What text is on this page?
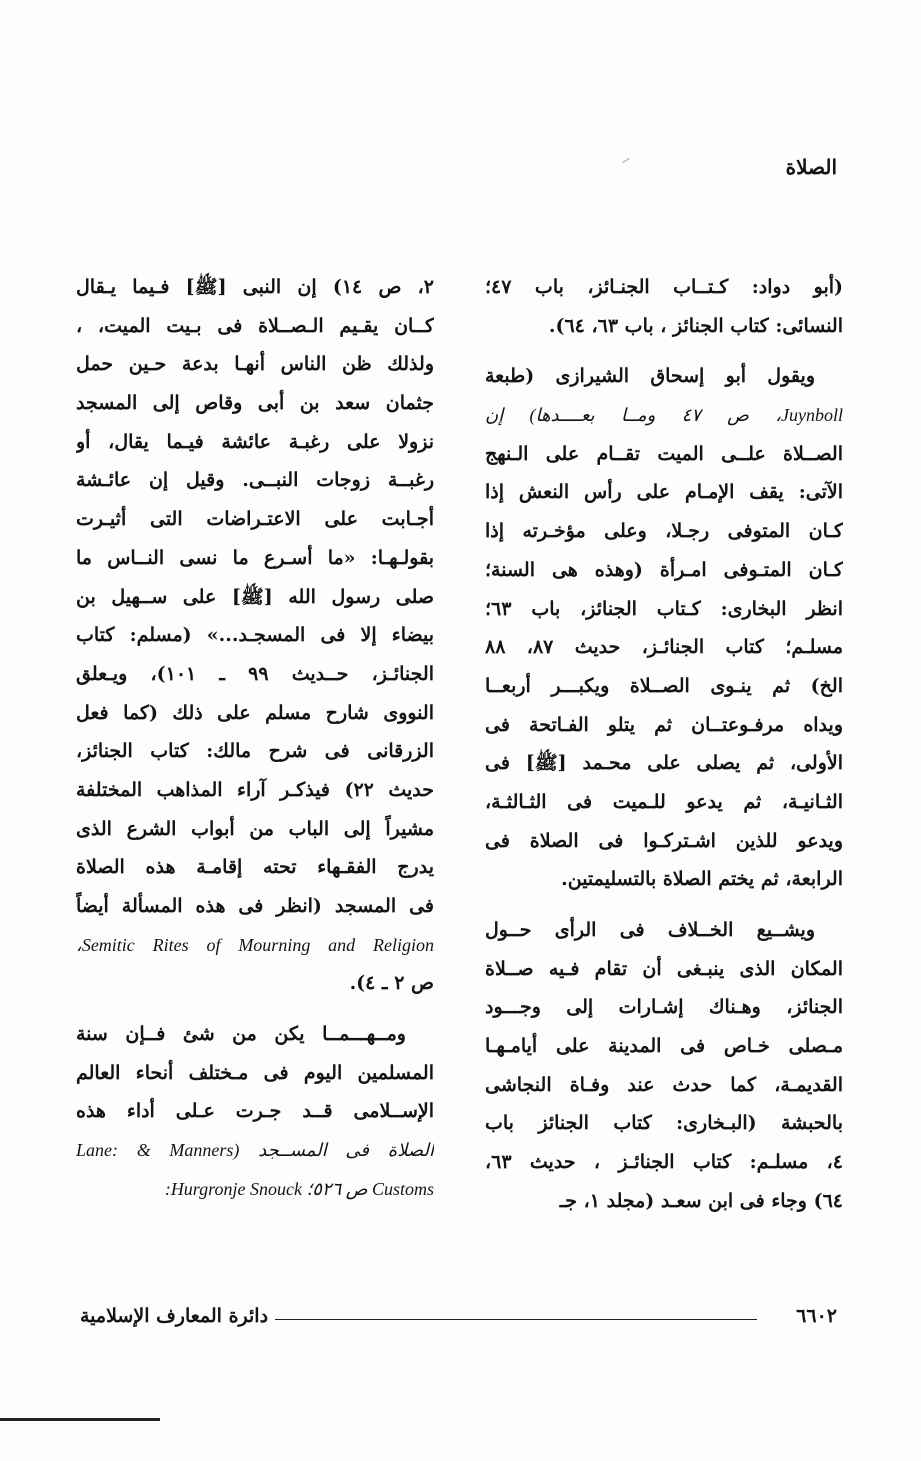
الصلاة
(أبو دواد: كـتــاب الجنـائز، باب ٤٧؛
النسائى: كتاب الجنائز ، باب ٦٣، ٦٤).
ويقول أبو إسحاق الشيرازى (طبعة
Juynboll، ص ٤٧ ومــا بعــــدها) إن
الصــلاة علــى الميت تقــام على الـنهج
الآتى: يقف الإمـام على رأس النعش إذا
كـان المتوفى رجـلا، وعلى مؤخـرته إذا
كـان المتـوفى امـرأة (وهذه هى السنة؛
انظر البخارى: كـتاب الجنائز، باب ٦٣؛
مسلـم؛ كتاب الجنائـز، حديث ٨٧، ٨٨
الخ) ثم ينـوى الصــلاة ويكبـــر أربعــا
ويداه مرفـوعتــان ثم يتلو الفـاتحة فى
الأولى، ثم يصلى على محـمد [ﷺ] فى
الثـانيـة، ثم يدعو للـميت فى الثـالثـة،
ويدعو للذين اشـتركـوا فى الصلاة فى
الرابعة، ثم يختم الصلاة بالتسليمتين.
ويشــيع الخــلاف فى الرأى حــول
المكان الذى ينبـغى أن تقام فـيه صــلاة
الجنائز، وهـناك إشـارات إلى وجـــود
مـصلى خـاص فى المدينة على أيامـهـا
القديمـة، كما حدث عند وفـاة النجاشى
بالحبشة (البـخارى: كتاب الجنائز باب
٤، مسلـم: كتاب الجنائـز ، حديث ٦٣،
٦٤) وجاء فى ابن سعـد (مجلد ١، جـ
٢، ص ١٤) إن النبى [ﷺ] فـيما يـقال
كــان يقـيم الـصــلاة فى بـيت الميت، ،
ولذلك ظن الناس أنهـا بدعة حـين حمل
جثمان سعد بن أبى وقاص إلى المسجد
نزولا على رغبـة عائشة فيـما يقال، أو
رغبــة زوجات النبــى. وقيل إن عائـشة
أجـابت على الاعتـراضات التى أثيـرت
بقولـهـا: «ما أسـرع ما نسى النــاس ما
صلى رسول الله [ﷺ] على ســهيل بن
بيضاء إلا فى المسجـد...» (مسلم: كتاب
الجنائـز، حــديث ٩٩ ـ ١٠١)، ويـعلق
النووى شارح مسلم على ذلك (كما فعل
الزرقانى فى شرح مالك: كتاب الجنائز،
حديث ٢٢) فيذكـر آراء المذاهب المختلفة
مشيراً إلى الباب من أبواب الشرع الذى
يدرج الفقـهاء تحته إقامـة هذه الصلاة
فى المسجد (انظر فى هذه المسألة أيضاً
Semitic Rites of Mourning and Religion،
ص ٢ ـ ٤).
ومــهـــمــا يكن من شئ فــإن سنة
المسلمين اليوم فى مـختلف أنحاء العالم
الإســلامى قــد جـرت عـلى أداء هذه
الصلاة فى المســجد (Lane: & Manners
Customs ص ٥٢٦؛ Hurgronje Snouck:
٦٦٠٢
دائرة المعارف الإسلامية
